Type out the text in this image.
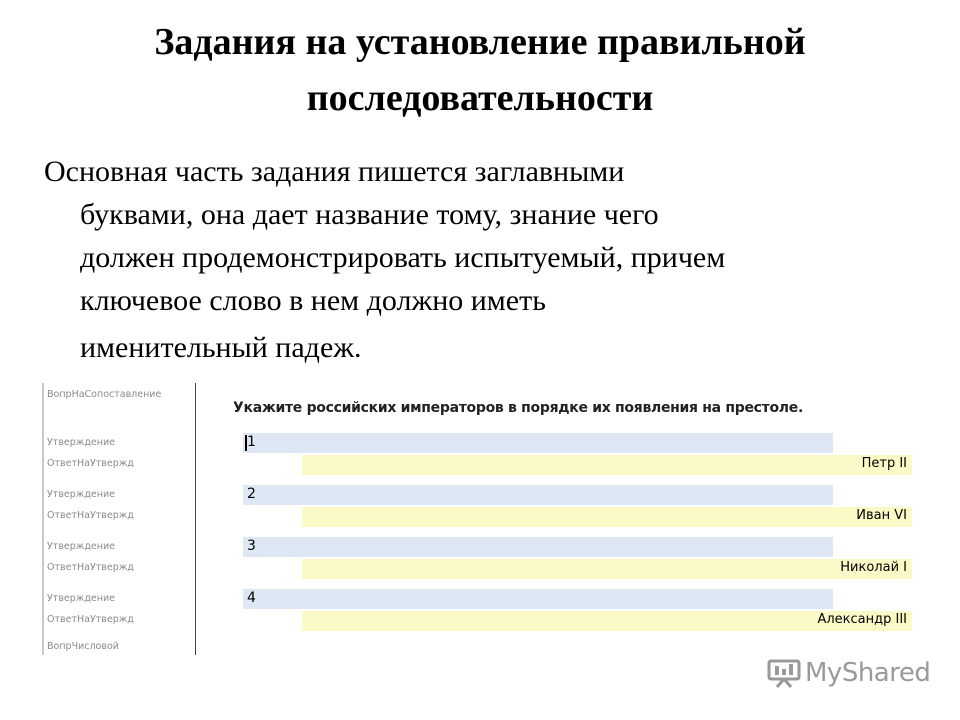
Задания на установление правильной
последовательности
Основная часть задания пишется заглавными
буквами, она дает название тому, знание чего
должен продемонстрировать испытуемый, причем
ключевое слово в нем должно иметь
именительный падеж.
ВопрНаСопоставление
Утверждение
ОтветНаУтвержд
Утверждение
ОтветНаУтвержд
Утверждение
ОтветНаУтвержд
Утверждение
ОтветНаУтвержд
ВопрЧисловой
Укажите российских императоров в порядке их появления на престоле.
1
Петр II
2
Иван VI
3
Николай I
4
Александр III
MyShared
